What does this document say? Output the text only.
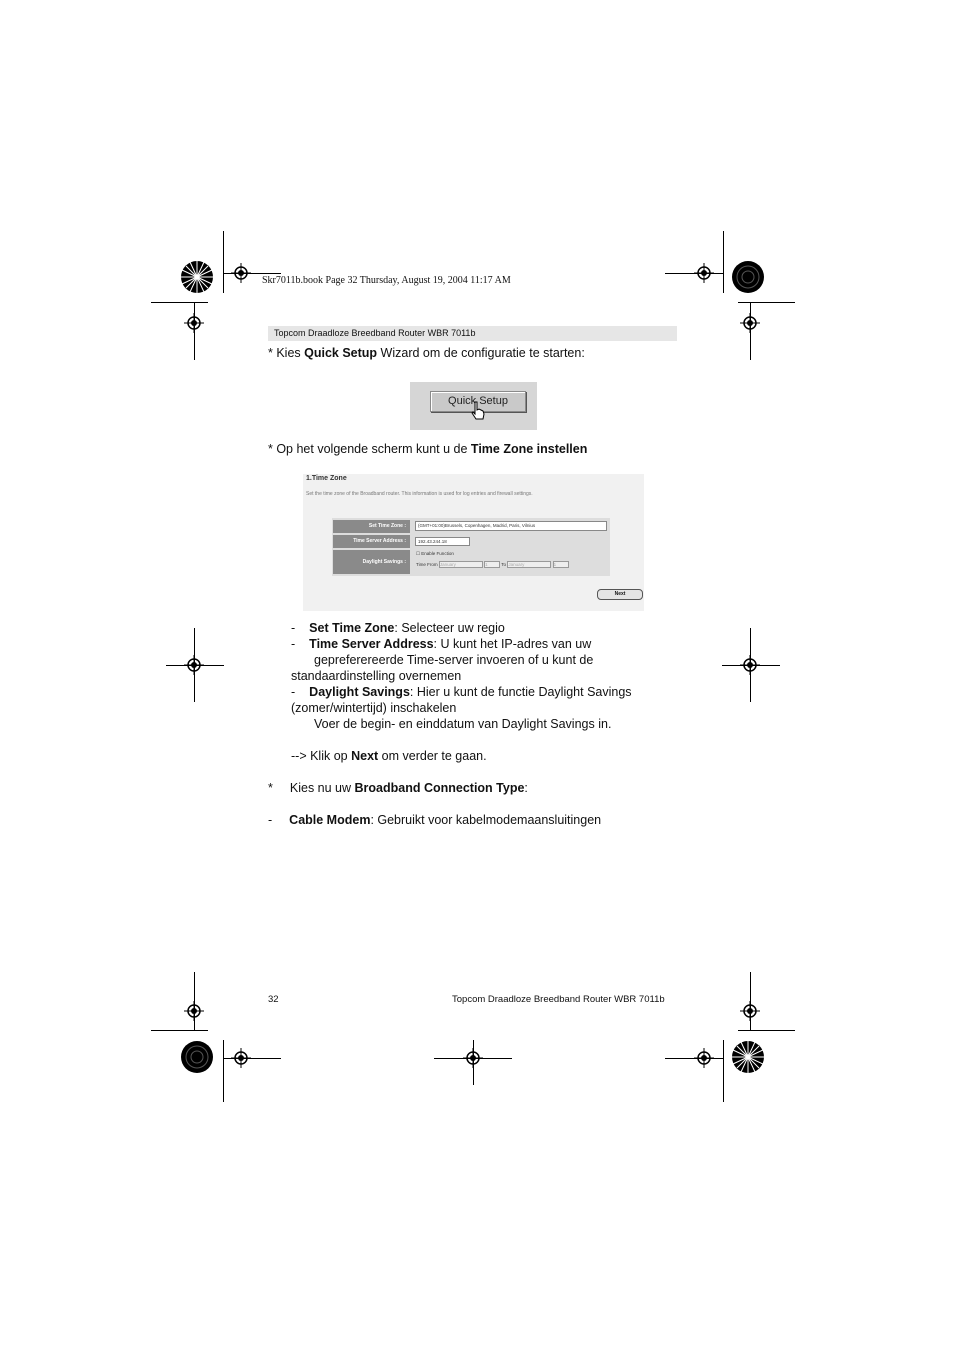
Skr7011b.book Page 32 Thursday, August 19, 2004 11:17 AM
Topcom Draadloze Breedband Router WBR 7011b
* Kies Quick Setup Wizard om de configuratie te starten:
Quick Setup
* Op het volgende scherm kunt u de Time Zone instellen
1.Time Zone
Set the time zone of the Broadband router. This information is used for log entries and firewall settings.
Set Time Zone :	(GMT+01:00)Brussels, Copenhagen, Madrid, Paris, Vilnius
Time Server Address :	192.43.244.18
Daylight Savings :
☐ Enable Function
Time From January	1	To January	1
Next
- Set Time Zone: Selecteer uw regio
- Time Server Address: U kunt het IP-adres van uw
gepreferereerde Time-server invoeren of u kunt de
standaardinstelling overnemen
- Daylight Savings: Hier u kunt de functie Daylight Savings
(zomer/wintertijd) inschakelen
Voer de begin- en einddatum van Daylight Savings in.
--> Klik op Next om verder te gaan.
* Kies nu uw Broadband Connection Type:
- Cable Modem: Gebruikt voor kabelmodemaansluitingen
32	Topcom Draadloze Breedband Router WBR 7011b
